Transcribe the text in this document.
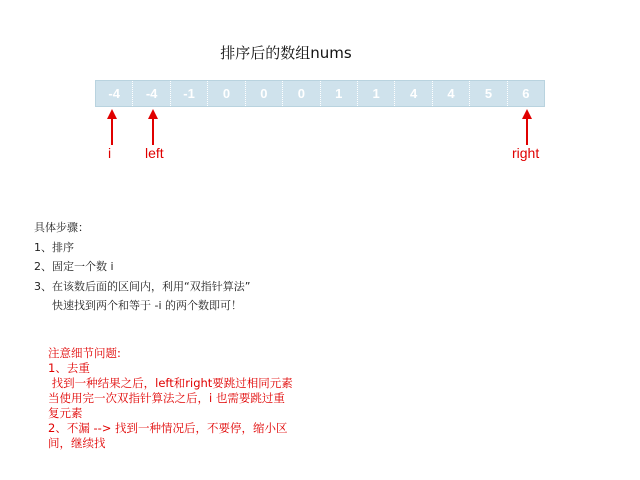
排序后的数组nums
-4	-4	-1	0	0	0	1	1	4	4	5	6
i left	right
具体步骤：
1、排序
2、固定一个数 i
3、在该数后面的区间内，利用“双指针算法”
快速找到两个和等于 -i 的两个数即可！
注意细节问题:
1、去重
找到一种结果之后，left和right要跳过相同元素
当使用完一次双指针算法之后，i 也需要跳过重
复元素
2、不漏 --> 找到一种情况后，不要停，缩小区
间，继续找
